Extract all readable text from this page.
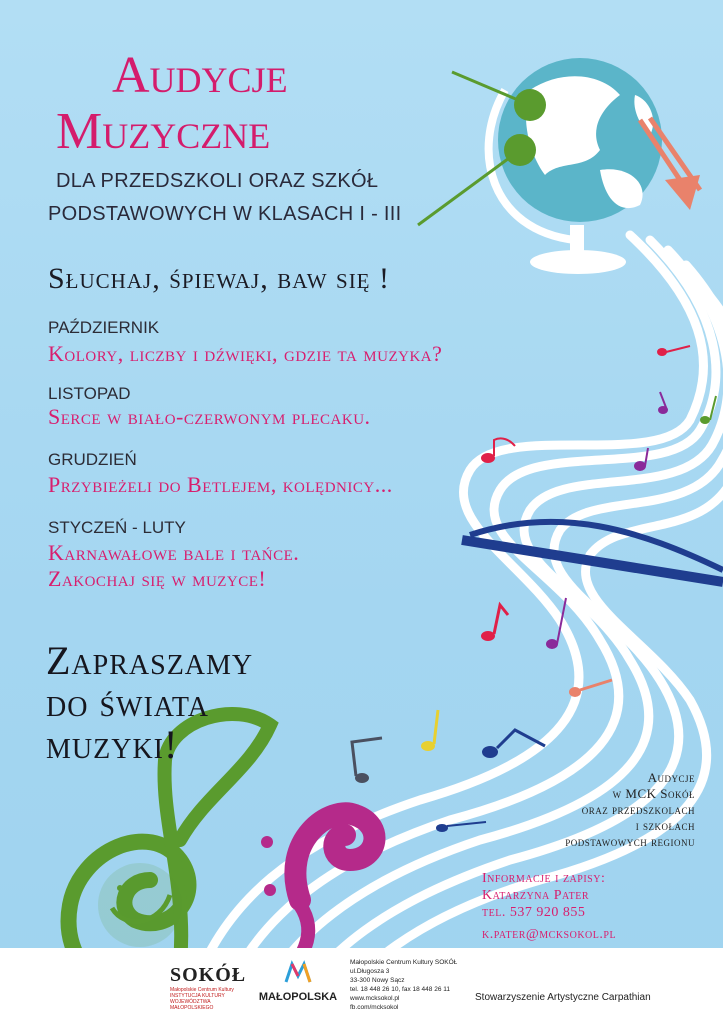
Audycje
Muzyczne
DLA PRZEDSZKOLI ORAZ SZKÓŁ
PODSTAWOWYCH W KLASACH I - III
Słuchaj, śpiewaj, baw się !
PAŹDZIERNIK
Kolory, liczby i dźwięki, gdzie ta muzyka?
LISTOPAD
Serce w biało-czerwonym plecaku.
GRUDZIEŃ
Przybieżeli do Betlejem, kolędnicy...
STYCZEŃ - LUTY
Karnawałowe bale i tańce.
Zakochaj się w muzyce!
Zapraszamy
do świata
muzyki!
Audycje
w MCK Sokół
oraz przedszkolach
i szkołach
podstawowych regionu
Informacje i zapisy:
Katarzyna Pater
tel. 537 920 855
k.pater@mcksokol.pl
SOKÓŁ
Małopolskie Centrum Kultury
INSTYTUCJA KULTURY
WOJEWÓDZTWA MAŁOPOLSKIEGO
MAŁOPOLSKA
Małopolskie Centrum Kultury SOKÓŁ
ul.Długosza 3
33-300 Nowy Sącz
tel. 18 448 26 10, fax 18 448 26 11
www.mcksokol.pl
fb.com/mcksokol
Stowarzyszenie Artystyczne Carpathian
